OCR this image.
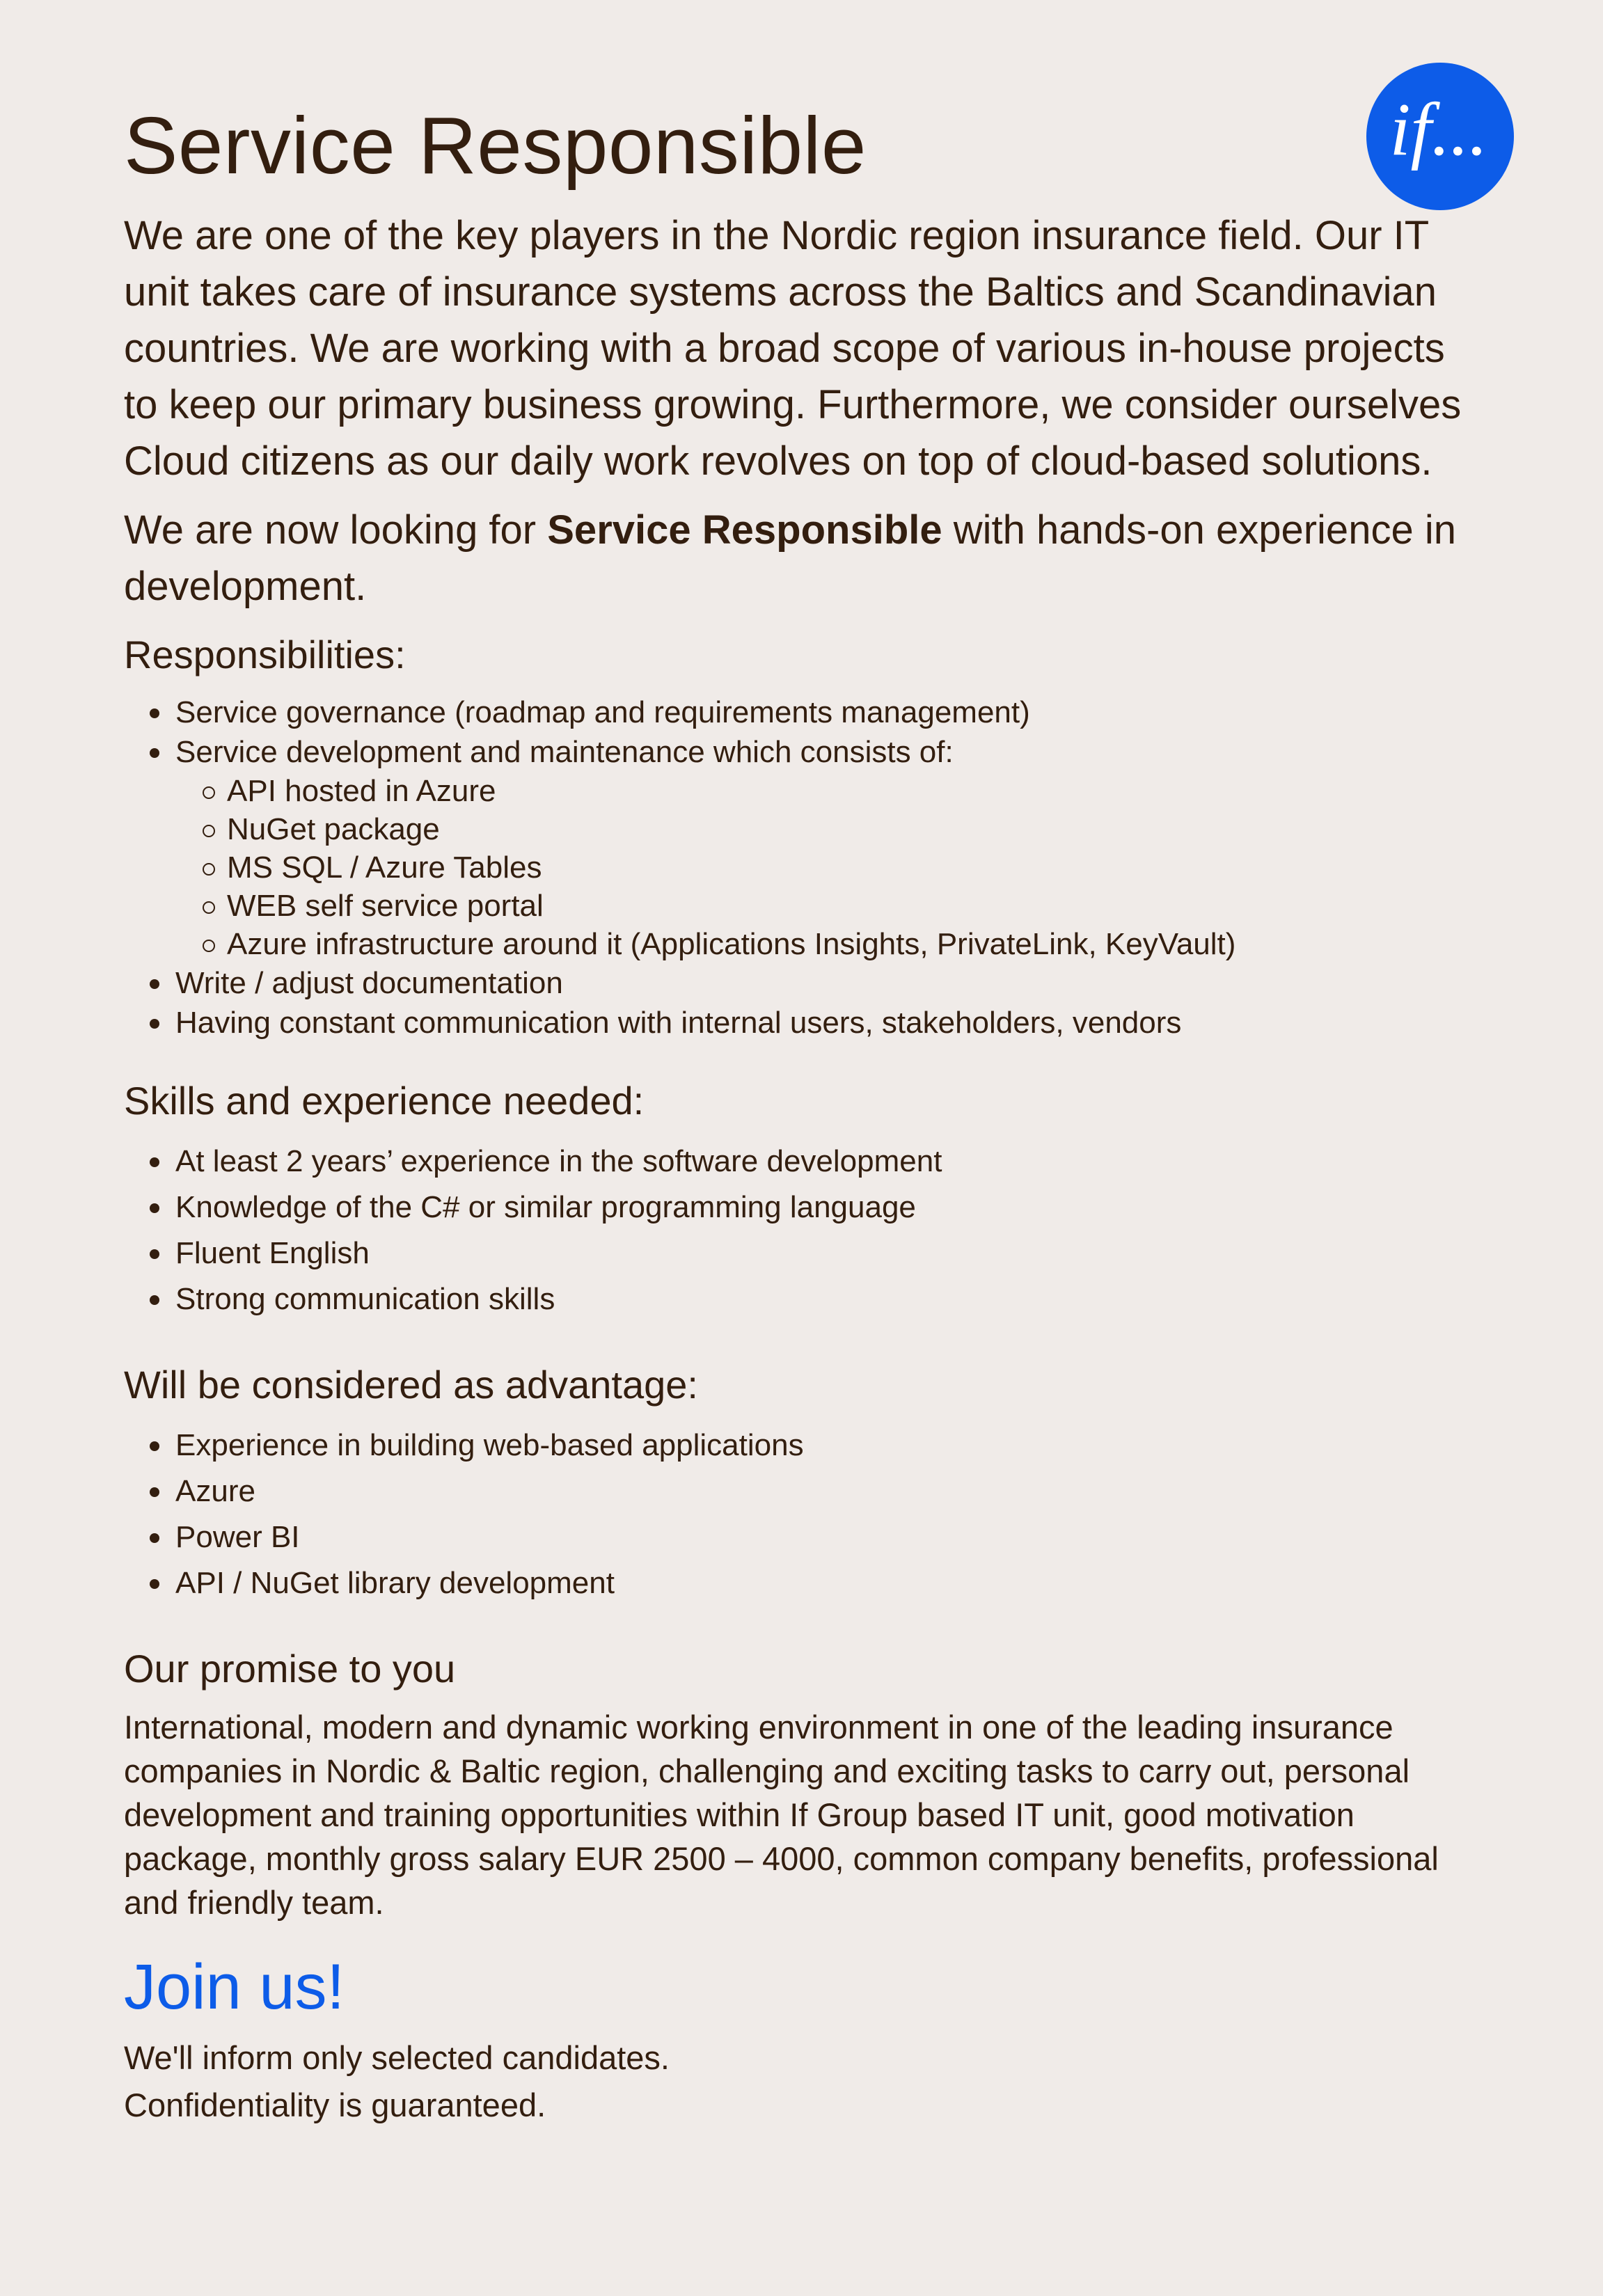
if...
Service Responsible

We are one of the key players in the Nordic region insurance field. Our IT unit takes care of insurance systems across the Baltics and Scandinavian countries. We are working with a broad scope of various in-house projects to keep our primary business growing. Furthermore, we consider ourselves Cloud citizens as our daily work revolves on top of cloud-based solutions.

We are now looking for Service Responsible with hands-on experience in development.

Responsibilities:
Service governance (roadmap and requirements management)
Service development and maintenance which consists of:
API hosted in Azure
NuGet package
MS SQL / Azure Tables
WEB self service portal
Azure infrastructure around it (Applications Insights, PrivateLink, KeyVault)
Write / adjust documentation
Having constant communication with internal users, stakeholders, vendors
Skills and experience needed:
At least 2 years’ experience in the software development
Knowledge of the C# or similar programming language
Fluent English
Strong communication skills
Will be considered as advantage:
Experience in building web-based applications
Azure
Power BI
API / NuGet library development
Our promise to you

International, modern and dynamic working environment in one of the leading insurance companies in Nordic & Baltic region, challenging and exciting tasks to carry out, personal development and training opportunities within If Group based IT unit, good motivation package, monthly gross salary EUR 2500 – 4000, common company benefits, professional and friendly team.

Join us!

We'll inform only selected candidates.

Confidentiality is guaranteed.
